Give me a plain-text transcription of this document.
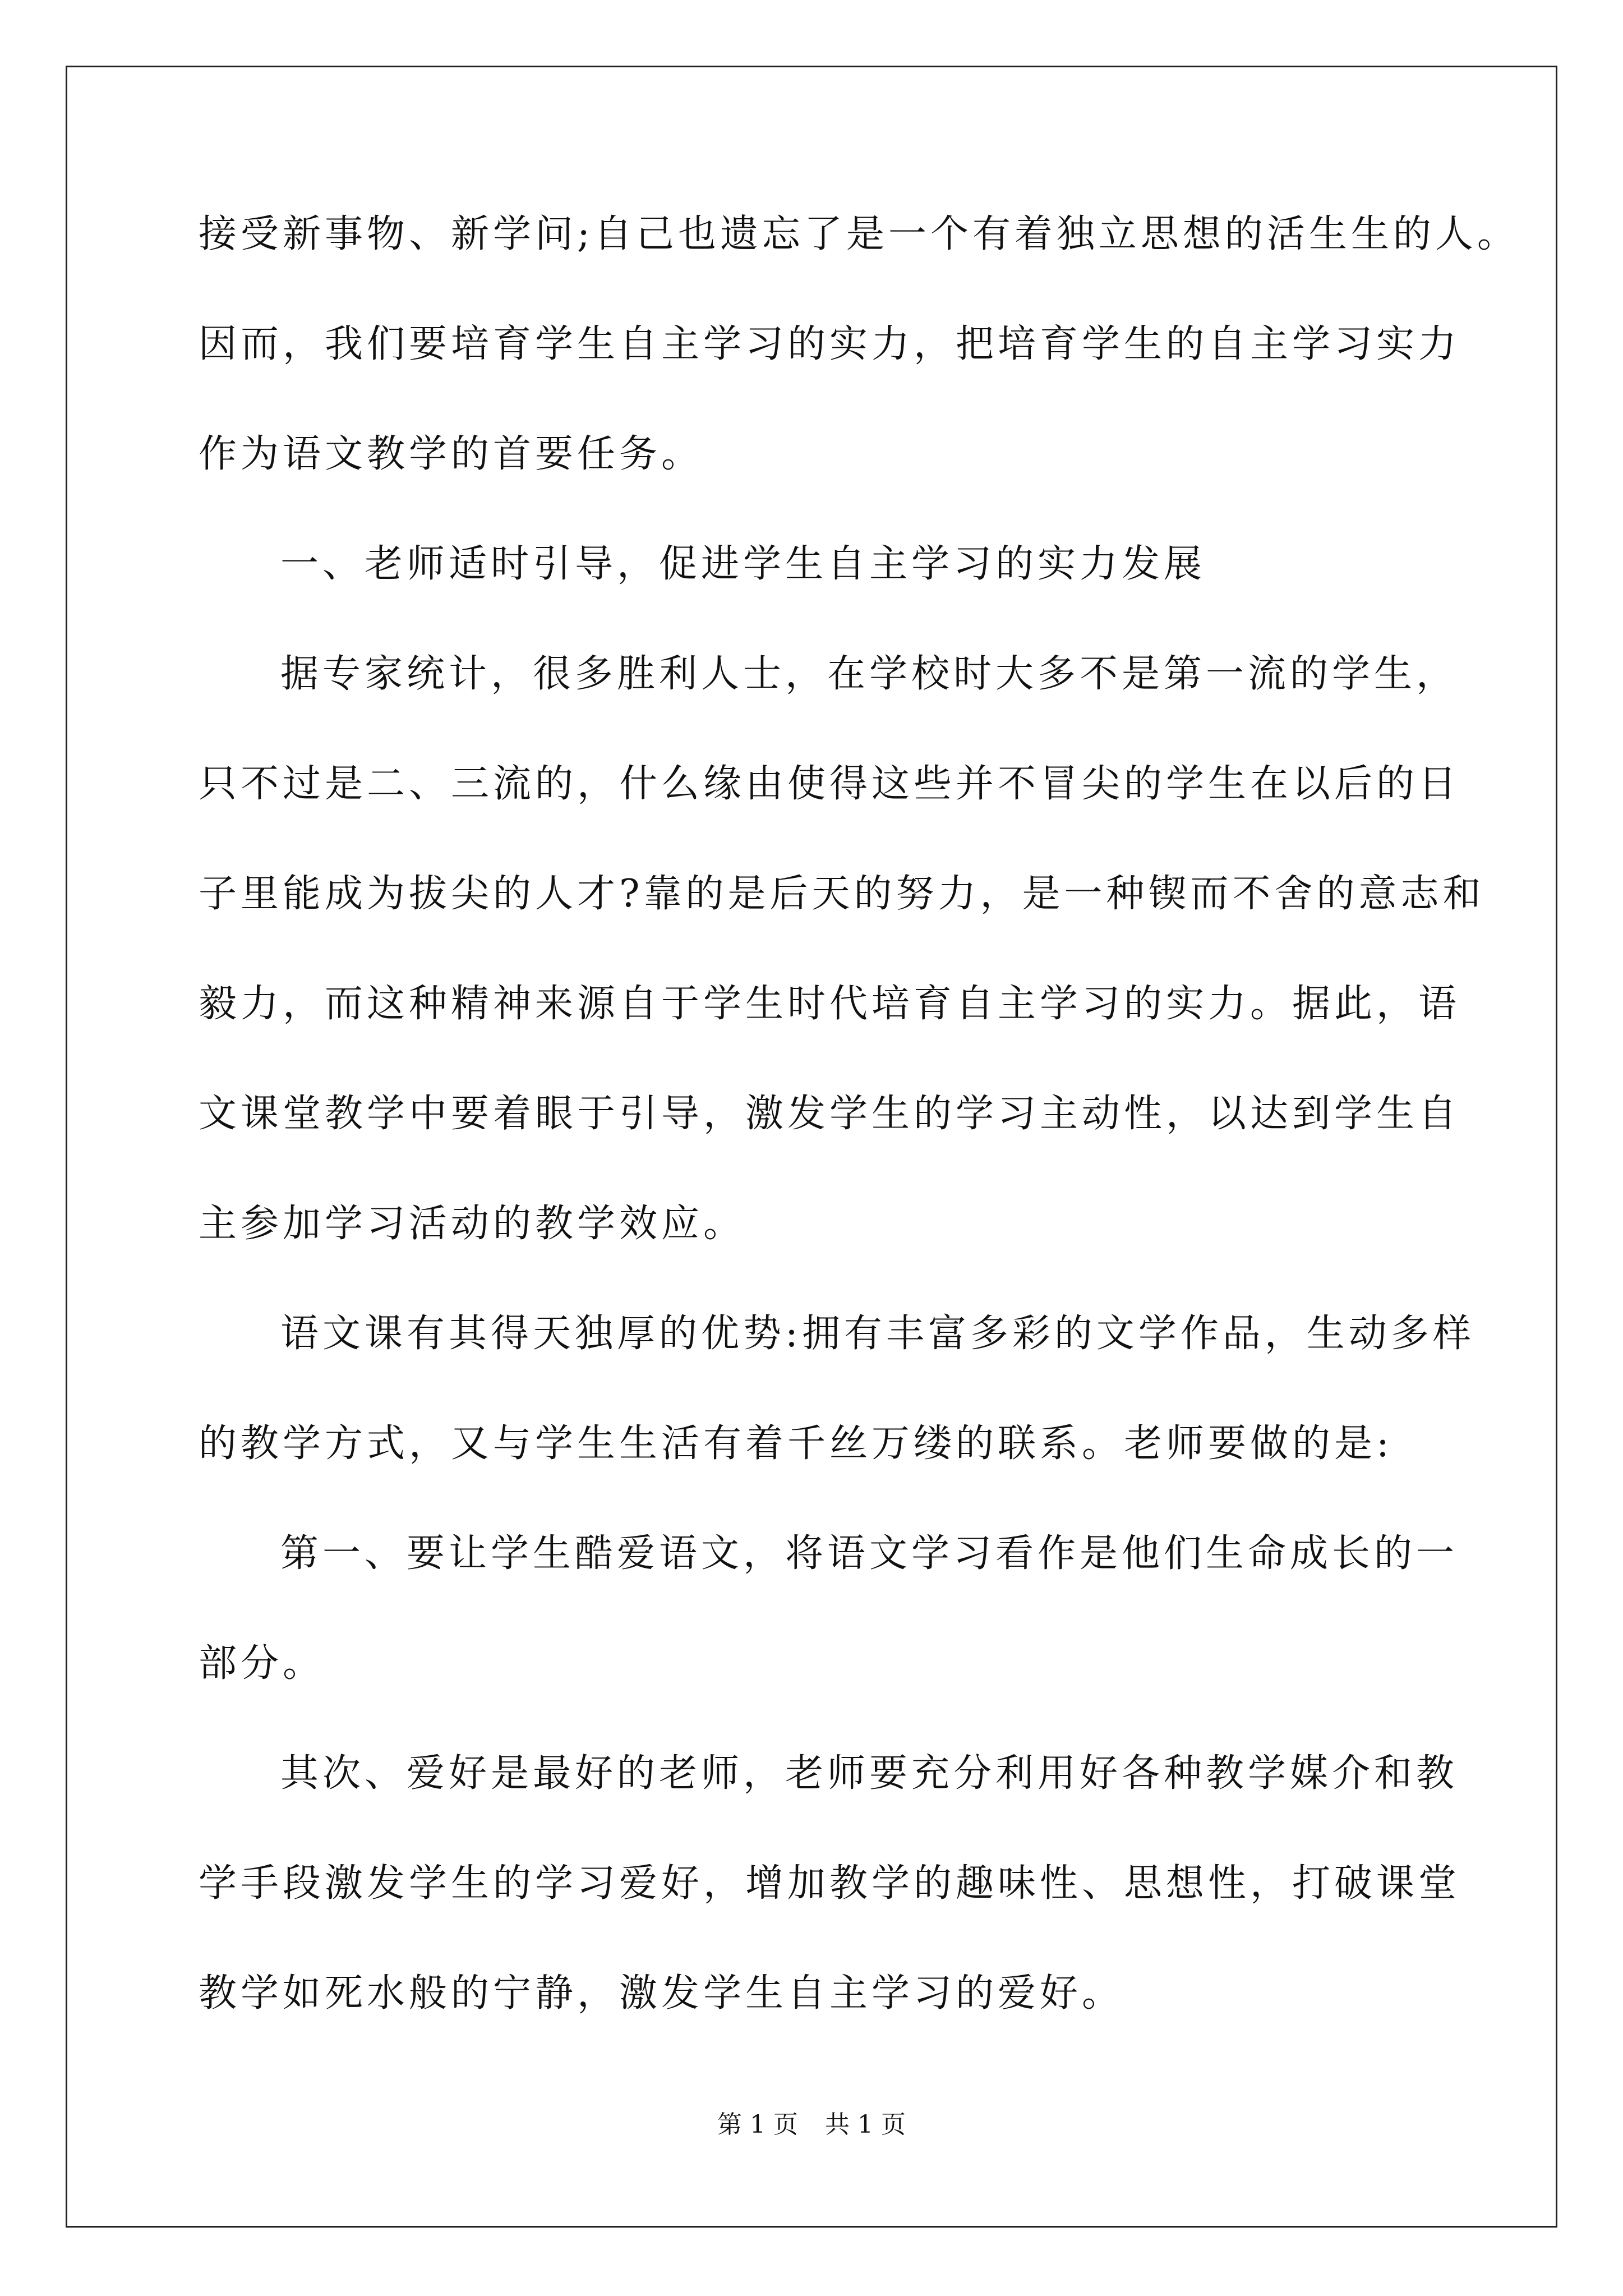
接受新事物、新学问;自己也遗忘了是一个有着独立思想的活生生的人。
因而，我们要培育学生自主学习的实力，把培育学生的自主学习实力
作为语文教学的首要任务。
一、老师适时引导，促进学生自主学习的实力发展
据专家统计，很多胜利人士，在学校时大多不是第一流的学生，
只不过是二、三流的，什么缘由使得这些并不冒尖的学生在以后的日
子里能成为拔尖的人才?靠的是后天的努力，是一种锲而不舍的意志和
毅力，而这种精神来源自于学生时代培育自主学习的实力。据此，语
文课堂教学中要着眼于引导，激发学生的学习主动性，以达到学生自
主参加学习活动的教学效应。
语文课有其得天独厚的优势:拥有丰富多彩的文学作品，生动多样
的教学方式，又与学生生活有着千丝万缕的联系。老师要做的是:
第一、要让学生酷爱语文，将语文学习看作是他们生命成长的一
部分。
其次、爱好是最好的老师，老师要充分利用好各种教学媒介和教
学手段激发学生的学习爱好，增加教学的趣味性、思想性，打破课堂
教学如死水般的宁静，激发学生自主学习的爱好。
第 1 页 共 1 页
